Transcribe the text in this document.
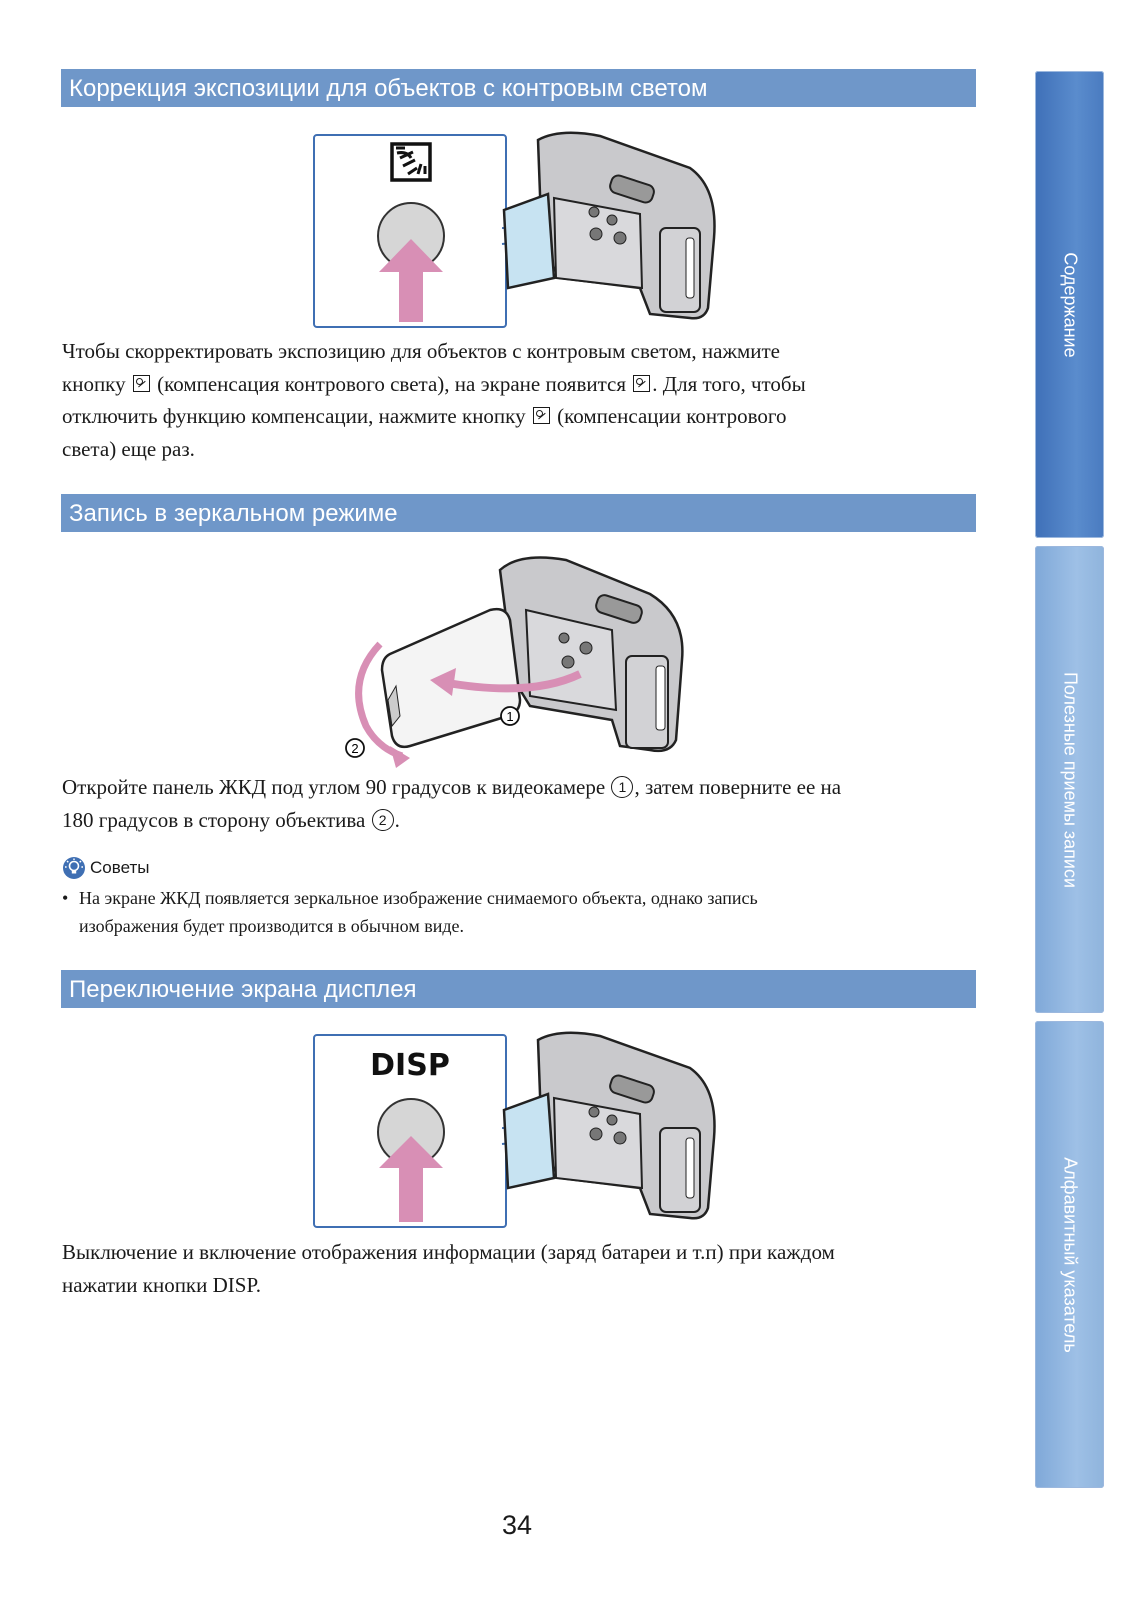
Коррекция экспозиции для объектов с контровым светом
Чтобы скорректировать экспозицию для объектов с контровым светом, нажмите
кнопку (компенсация контрового света), на экране появится . Для того, чтобы
отключить функцию компенсации, нажмите кнопку (компенсации контрового
света) еще раз.
Запись в зеркальном режиме
1
2
Откройте панель ЖКД под углом 90 градусов к видеокамере 1 , затем поверните ее на
180 градусов в сторону объектива 2 .
Советы
• На экране ЖКД появляется зеркальное изображение снимаемого объекта, однако запись
изображения будет производится в обычном виде.
Переключение экрана дисплея
DISP
Выключение и включение отображения информации (заряд батареи и т.п) при каждом
нажатии кнопки DISP.
Содержание
Полезные приемы записи
Алфавитный указатель
34
